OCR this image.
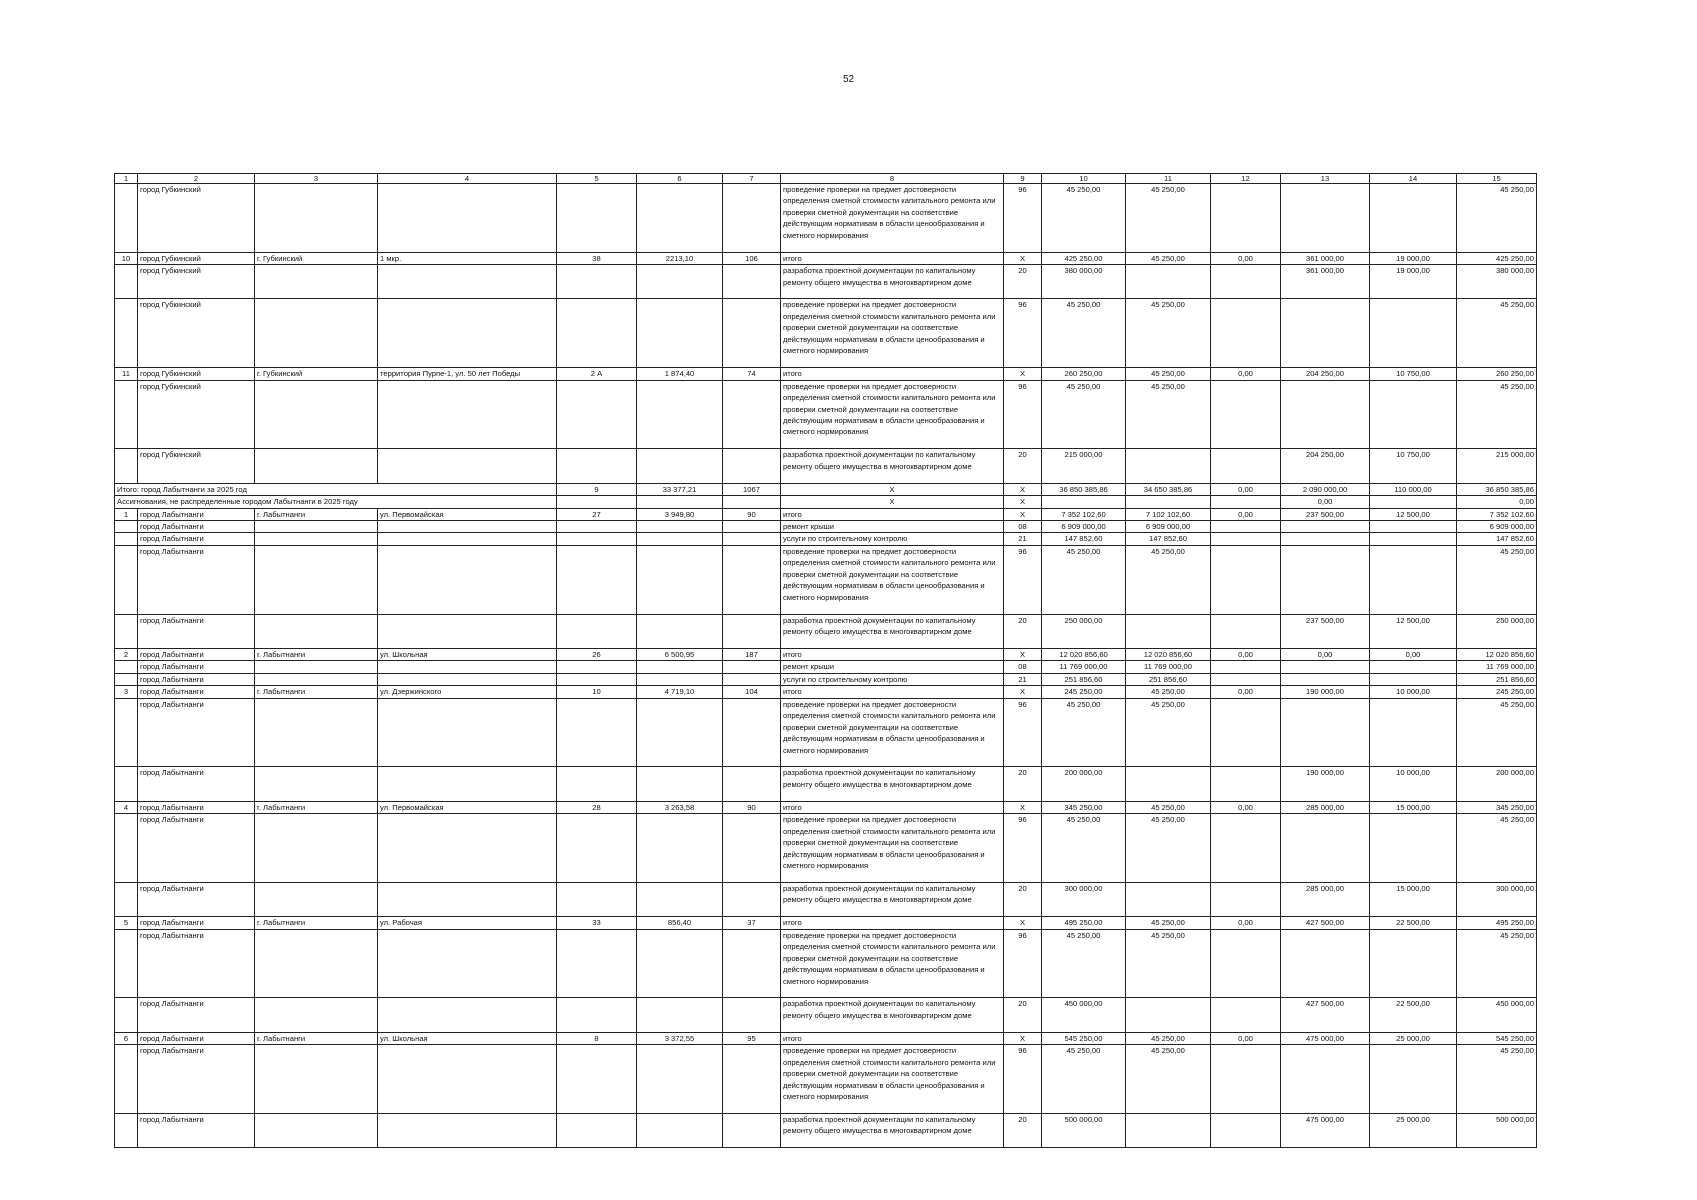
52
1	2	3	4	5	6	7	8	9	10	11	12	13	14	15
	город Губкинский						проведение проверки на предмет достоверности определения сметной стоимости капитального ремонта или проверки сметной документации на соответствие действующим нормативам в области ценообразования и сметного нормирования	96	45 250,00	45 250,00				45 250,00
10	город Губкинский	г. Губкинский	1 мкр.	38	2213,10	106	итого	X	425 250,00	45 250,00	0,00	361 000,00	19 000,00	425 250,00
	город Губкинский						разработка проектной документации по капитальному ремонту общего имущества в многоквартирном доме	20	380 000,00			361 000,00	19 000,00	380 000,00
	город Губкинский						проведение проверки на предмет достоверности определения сметной стоимости капитального ремонта или проверки сметной документации на соответствие действующим нормативам в области ценообразования и сметного нормирования	96	45 250,00	45 250,00				45 250,00
11	город Губкинский	г. Губкинский	территория Пурпе-1, ул. 50 лет Победы	2 А	1 874,40	74	итого	X	260 250,00	45 250,00	0,00	204 250,00	10 750,00	260 250,00
	город Губкинский						проведение проверки на предмет достоверности определения сметной стоимости капитального ремонта или проверки сметной документации на соответствие действующим нормативам в области ценообразования и сметного нормирования	96	45 250,00	45 250,00				45 250,00
	город Губкинский						разработка проектной документации по капитальному ремонту общего имущества в многоквартирном доме	20	215 000,00			204 250,00	10 750,00	215 000,00
Итого: город Лабытнанги за 2025 год				9	33 377,21	1067	X	X	36 850 385,86	34 650 385,86	0,00	2 090 000,00	110 000,00	36 850 385,86
Ассигнования, не распределенные городом Лабытнанги в 2025 году							X	X				0,00		0,00
1	город Лабытнанги	г. Лабытнанги	ул. Первомайская	27	3 949,80	90	итого	X	7 352 102,60	7 102 102,60	0,00	237 500,00	12 500,00	7 352 102,60
	город Лабытнанги						ремонт крыши	08	6 909 000,00	6 909 000,00				6 909 000,00
	город Лабытнанги						услуги по строительному контролю	21	147 852,60	147 852,60				147 852,60
	город Лабытнанги						проведение проверки на предмет достоверности определения сметной стоимости капитального ремонта или проверки сметной документации на соответствие действующим нормативам в области ценообразования и сметного нормирования	96	45 250,00	45 250,00				45 250,00
	город Лабытнанги						разработка проектной документации по капитальному ремонту общего имущества в многоквартирном доме	20	250 000,00			237 500,00	12 500,00	250 000,00
2	город Лабытнанги	г. Лабытнанги	ул. Школьная	26	6 500,95	187	итого	X	12 020 856,60	12 020 856,60	0,00	0,00	0,00	12 020 856,60
	город Лабытнанги						ремонт крыши	08	11 769 000,00	11 769 000,00				11 769 000,00
	город Лабытнанги						услуги по строительному контролю	21	251 856,60	251 856,60				251 856,60
3	город Лабытнанги	г. Лабытнанги	ул. Дзержинского	10	4 719,10	104	итого	X	245 250,00	45 250,00	0,00	190 000,00	10 000,00	245 250,00
	город Лабытнанги						проведение проверки на предмет достоверности определения сметной стоимости капитального ремонта или проверки сметной документации на соответствие действующим нормативам в области ценообразования и сметного нормирования	96	45 250,00	45 250,00				45 250,00
	город Лабытнанги						разработка проектной документации по капитальному ремонту общего имущества в многоквартирном доме	20	200 000,00			190 000,00	10 000,00	200 000,00
4	город Лабытнанги	г. Лабытнанги	ул. Первомайская	28	3 263,58	90	итого	X	345 250,00	45 250,00	0,00	285 000,00	15 000,00	345 250,00
	город Лабытнанги						проведение проверки на предмет достоверности определения сметной стоимости капитального ремонта или проверки сметной документации на соответствие действующим нормативам в области ценообразования и сметного нормирования	96	45 250,00	45 250,00				45 250,00
	город Лабытнанги						разработка проектной документации по капитальному ремонту общего имущества в многоквартирном доме	20	300 000,00			285 000,00	15 000,00	300 000,00
5	город Лабытнанги	г. Лабытнанги	ул. Рабочая	33	856,40	37	итого	X	495 250,00	45 250,00	0,00	427 500,00	22 500,00	495 250,00
	город Лабытнанги						проведение проверки на предмет достоверности определения сметной стоимости капитального ремонта или проверки сметной документации на соответствие действующим нормативам в области ценообразования и сметного нормирования	96	45 250,00	45 250,00				45 250,00
	город Лабытнанги						разработка проектной документации по капитальному ремонту общего имущества в многоквартирном доме	20	450 000,00			427 500,00	22 500,00	450 000,00
6	город Лабытнанги	г. Лабытнанги	ул. Школьная	8	3 372,55	95	итого	X	545 250,00	45 250,00	0,00	475 000,00	25 000,00	545 250,00
	город Лабытнанги						проведение проверки на предмет достоверности определения сметной стоимости капитального ремонта или проверки сметной документации на соответствие действующим нормативам в области ценообразования и сметного нормирования	96	45 250,00	45 250,00				45 250,00
	город Лабытнанги						разработка проектной документации по капитальному ремонту общего имущества в многоквартирном доме	20	500 000,00			475 000,00	25 000,00	500 000,00
